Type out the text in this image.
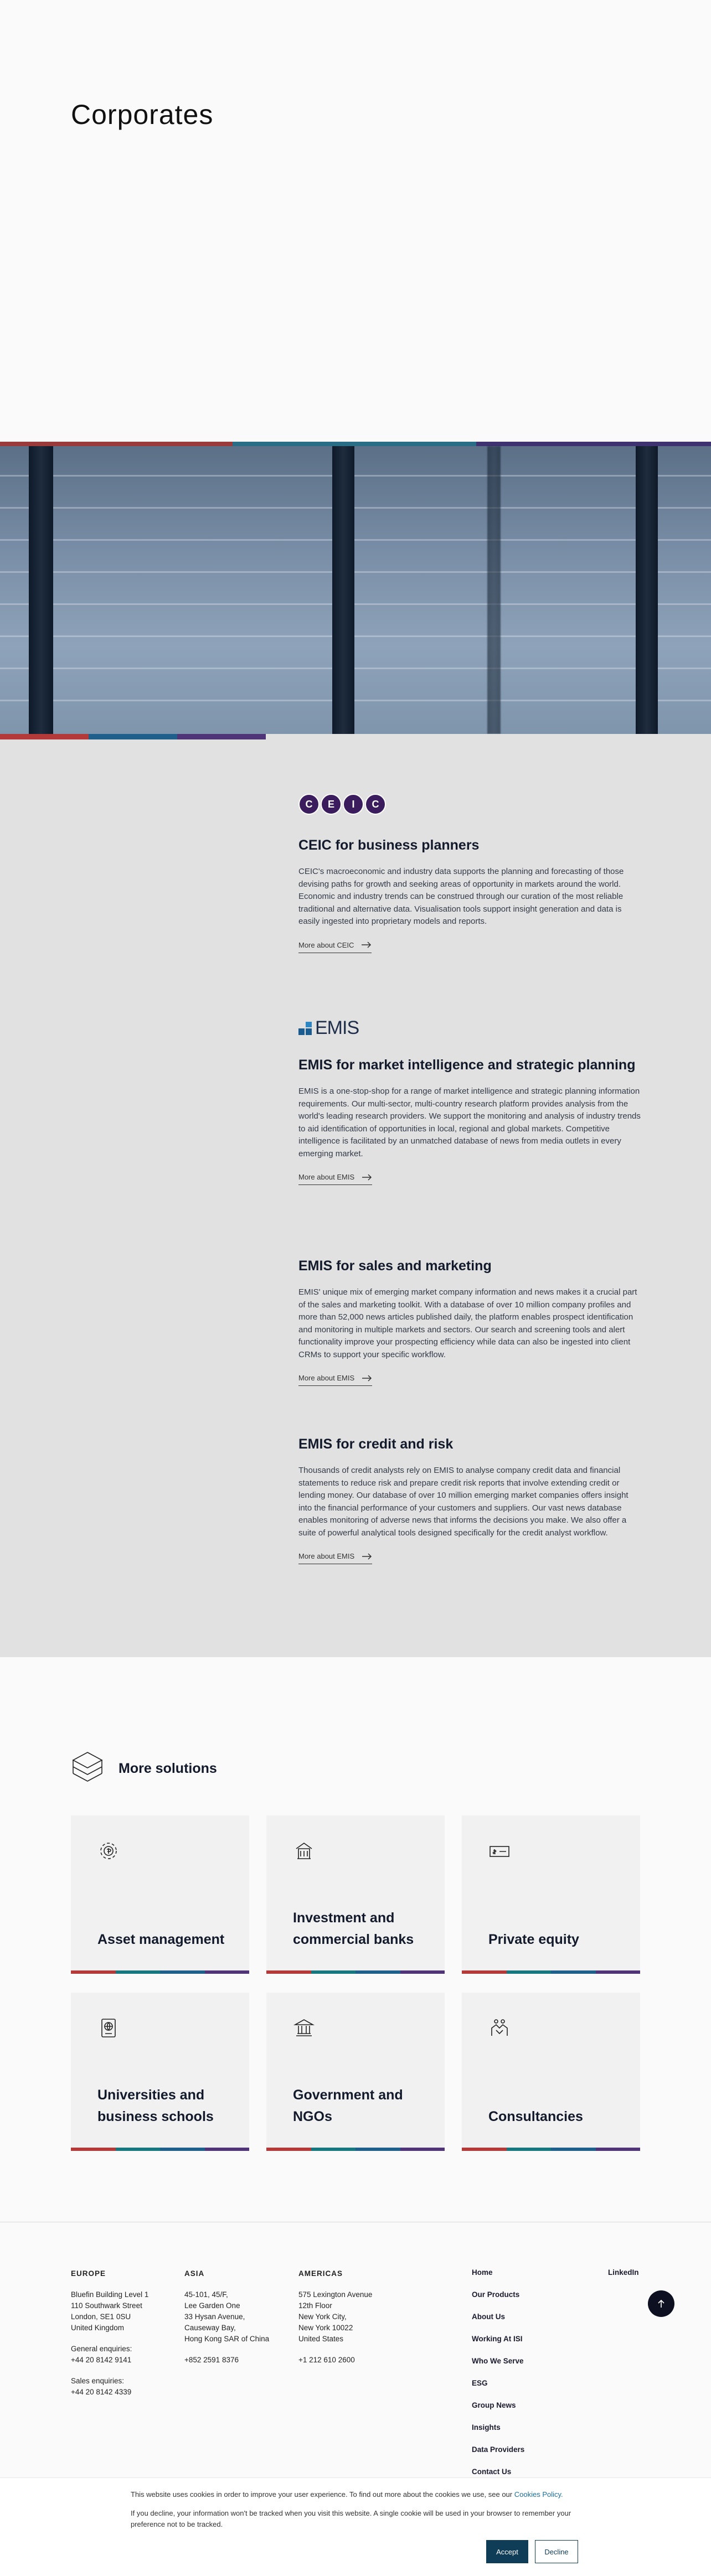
Corporates
C	E	I	C
CEIC for business planners

CEIC's macroeconomic and industry data supports the planning and forecasting of those devising paths for growth and seeking areas of opportunity in markets around the world. Economic and industry trends can be construed through our curation of the most reliable traditional and alternative data. Visualisation tools support insight generation and data is easily ingested into proprietary models and reports.

More about CEIC
EMIS
EMIS for market intelligence and strategic planning

EMIS is a one-stop-shop for a range of market intelligence and strategic planning information requirements. Our multi-sector, multi-country research platform provides analysis from the world's leading research providers. We support the monitoring and analysis of industry trends to aid identification of opportunities in local, regional and global markets. Competitive intelligence is facilitated by an unmatched database of news from media outlets in every emerging market.

More about EMIS
EMIS for sales and marketing

EMIS' unique mix of emerging market company information and news makes it a crucial part of the sales and marketing toolkit. With a database of over 10 million company profiles and more than 52,000 news articles published daily, the platform enables prospect identification and monitoring in multiple markets and sectors. Our search and screening tools and alert functionality improve your prospecting efficiency while data can also be ingested into client CRMs to support your specific workflow.

More about EMIS
EMIS for credit and risk

Thousands of credit analysts rely on EMIS to analyse company credit data and financial statements to reduce risk and prepare credit risk reports that involve extending credit or lending money. Our database of over 10 million emerging market companies offers insight into the financial performance of your customers and suppliers. Our vast news database enables monitoring of adverse news that informs the decisions you make. We also offer a suite of powerful analytical tools designed specifically for the credit analyst workflow.

More about EMIS
More solutions
Asset management
Investment and commercial banks	Private equity
Universities and business schools
Government and NGOs	Consultancies
EUROPE
Bluefin Building Level 1
110 Southwark Street
London, SE1 0SU
United Kingdom
General enquiries:
+44 20 8142 9141
Sales enquiries:
+44 20 8142 4339
ASIA
45-101, 45/F,
Lee Garden One
33 Hysan Avenue,
Causeway Bay,
Hong Kong SAR of China
+852 2591 8376
AMERICAS
575 Lexington Avenue
12th Floor
New York City,
New York 10022
United States
+1 212 610 2600
Home
Our Products
About Us
Working At ISI
Who We Serve
ESG
Group News
Insights
Data Providers
Contact Us
LinkedIn
This website uses cookies in order to improve your user experience. To find out more about the cookies we use, see our Cookies Policy.
If you decline, your information won't be tracked when you visit this website. A single cookie will be used in your browser to remember your preference not to be tracked.
Accept	Decline
